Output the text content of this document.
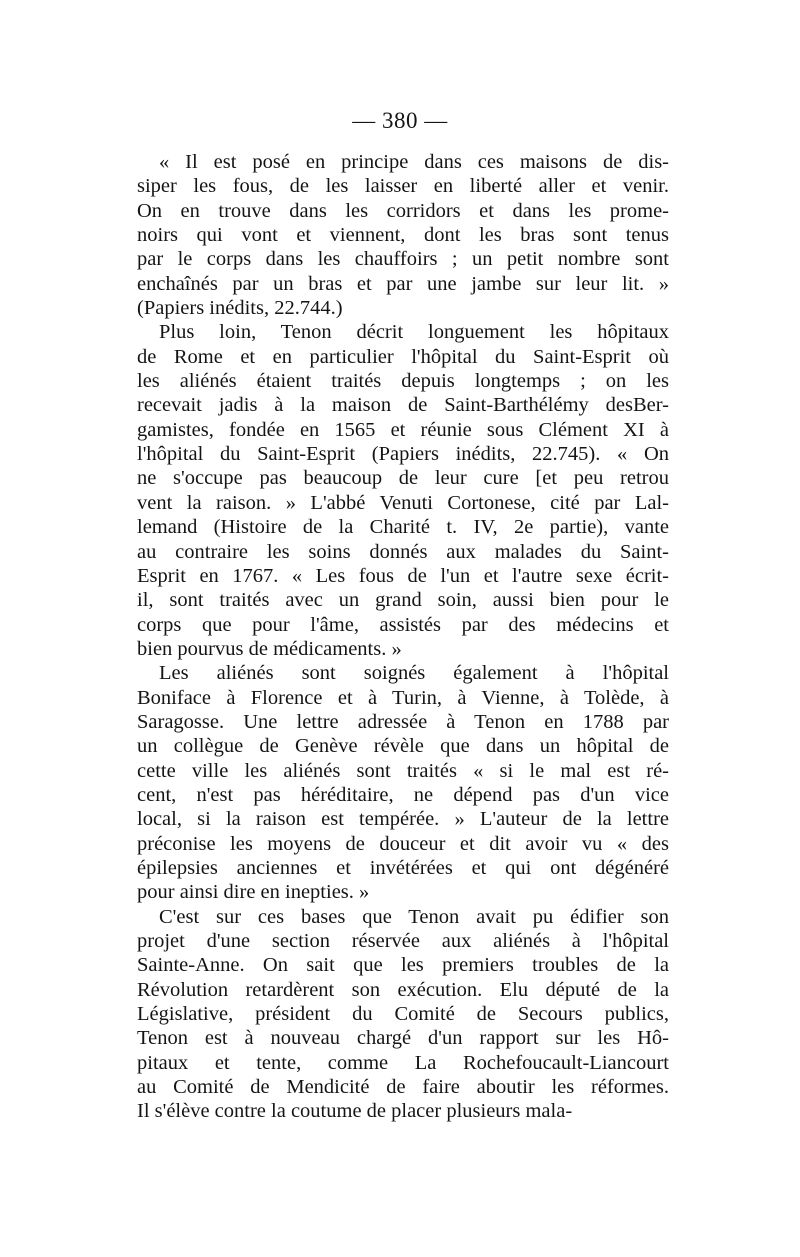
— 380 —

« Il est posé en principe dans ces maisons de dis-
siper les fous, de les laisser en liberté aller et venir.
On en trouve dans les corridors et dans les prome-
noirs qui vont et viennent, dont les bras sont tenus
par le corps dans les chauffoirs ; un petit nombre sont
enchaînés par un bras et par une jambe sur leur lit. »
(Papiers inédits, 22.744.)

Plus loin, Tenon décrit longuement les hôpitaux
de Rome et en particulier l'hôpital du Saint-Esprit où
les aliénés étaient traités depuis longtemps ; on les
recevait jadis à la maison de Saint-Barthélémy desBer-
gamistes, fondée en 1565 et réunie sous Clément XI à
l'hôpital du Saint-Esprit (Papiers inédits, 22.745). « On
ne s'occupe pas beaucoup de leur cure [et peu retrou
vent la raison. » L'abbé Venuti Cortonese, cité par Lal-
lemand (Histoire de la Charité t. IV, 2e partie), vante
au contraire les soins donnés aux malades du Saint-
Esprit en 1767. « Les fous de l'un et l'autre sexe écrit-
il, sont traités avec un grand soin, aussi bien pour le
corps que pour l'âme, assistés par des médecins et
bien pourvus de médicaments. »

Les aliénés sont soignés également à l'hôpital
Boniface à Florence et à Turin, à Vienne, à Tolède, à
Saragosse. Une lettre adressée à Tenon en 1788 par
un collègue de Genève révèle que dans un hôpital de
cette ville les aliénés sont traités « si le mal est ré-
cent, n'est pas héréditaire, ne dépend pas d'un vice
local, si la raison est tempérée. » L'auteur de la lettre
préconise les moyens de douceur et dit avoir vu « des
épilepsies anciennes et invétérées et qui ont dégénéré
pour ainsi dire en inepties. »

C'est sur ces bases que Tenon avait pu édifier son
projet d'une section réservée aux aliénés à l'hôpital
Sainte-Anne. On sait que les premiers troubles de la
Révolution retardèrent son exécution. Elu député de la
Législative, président du Comité de Secours publics,
Tenon est à nouveau chargé d'un rapport sur les Hô-
pitaux et tente, comme La Rochefoucault-Liancourt
au Comité de Mendicité de faire aboutir les réformes.
Il s'élève contre la coutume de placer plusieurs mala-
